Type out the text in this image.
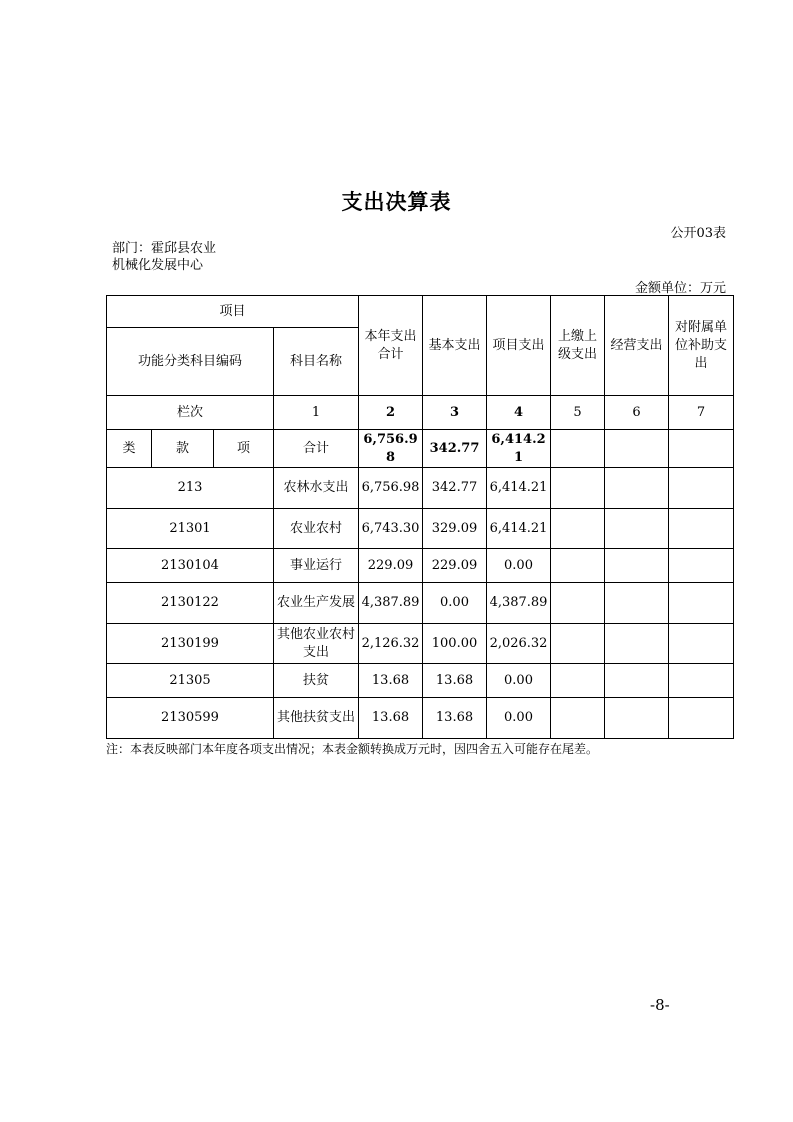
支出决算表
公开03表
部门：霍邱县农业机械化发展中心
金额单位：万元
项目				本年支出合计	基本支出	项目支出	上缴上级支出	经营支出	对附属单位补助支出
功能分类科目编码			科目名称						
栏次			1	2	3	4	5	6	7
类	款	项	合计	6,756.98	342.77	6,414.21			
213			农林水支出	6,756.98	342.77	6,414.21			
21301			农业农村	6,743.30	329.09	6,414.21			
2130104			事业运行	229.09	229.09	0.00			
2130122			农业生产发展	4,387.89	0.00	4,387.89			
2130199			其他农业农村支出	2,126.32	100.00	2,026.32			
21305			扶贫	13.68	13.68	0.00			
2130599			其他扶贫支出	13.68	13.68	0.00			
注：本表反映部门本年度各项支出情况；本表金额转换成万元时，因四舍五入可能存在尾差。
-8-
